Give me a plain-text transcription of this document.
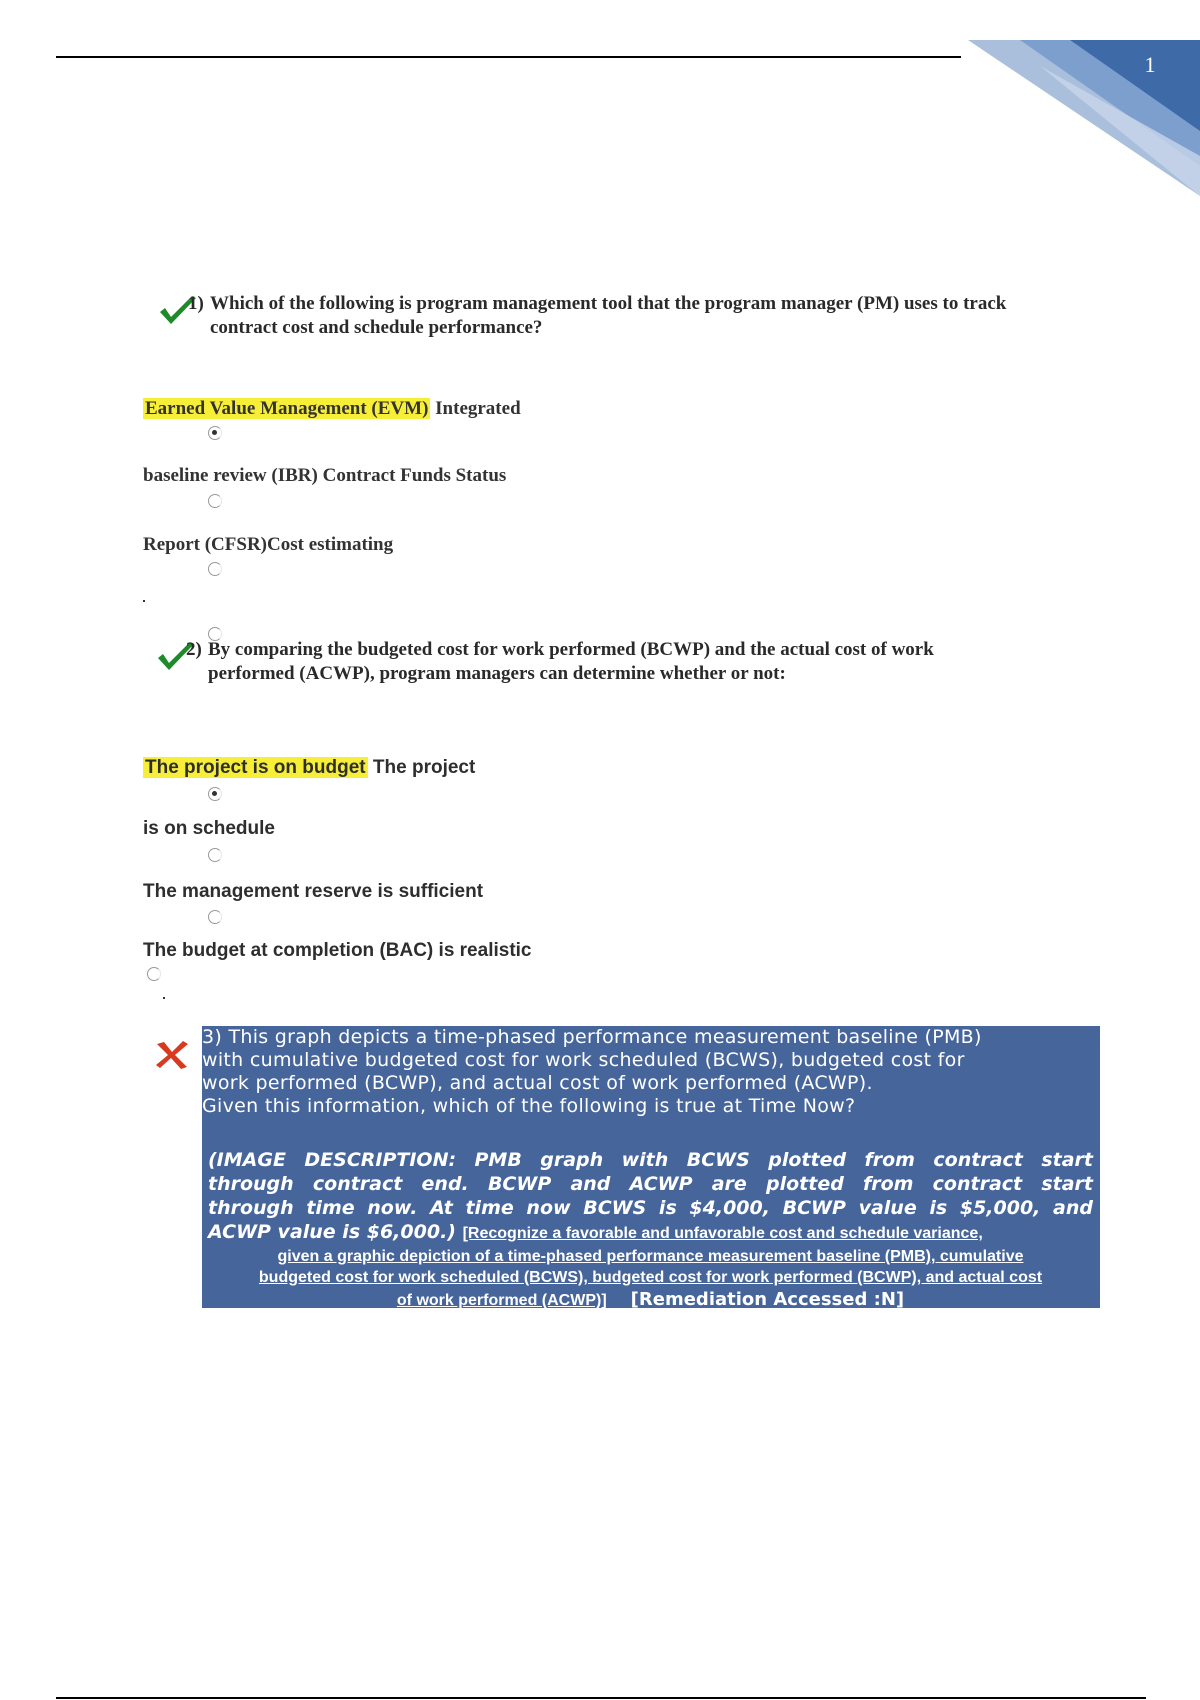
1
1) Which of the following is program management tool that the program manager (PM) uses to track
contract cost and schedule performance?
Earned Value Management (EVM) Integrated
baseline review (IBR) Contract Funds Status
Report (CFSR)Cost estimating
2) By comparing the budgeted cost for work performed (BCWP) and the actual cost of work
performed (ACWP), program managers can determine whether or not:
The project is on budget The project
is on schedule
The management reserve is sufficient
The budget at completion (BAC) is realistic
3) This graph depicts a time-phased performance measurement baseline (PMB)
with cumulative budgeted cost for work scheduled (BCWS), budgeted cost for
work performed (BCWP), and actual cost of work performed (ACWP).
Given this information, which of the following is true at Time Now?
(IMAGE DESCRIPTION: PMB graph with BCWS plotted from contract start
through contract end. BCWP and ACWP are plotted from contract start
through time now. At time now BCWS is $4,000, BCWP value is $5,000, and
ACWP value is $6,000.) [Recognize a favorable and unfavorable cost and schedule variance,
given a graphic depiction of a time-phased performance measurement baseline (PMB), cumulative
budgeted cost for work scheduled (BCWS), budgeted cost for work performed (BCWP), and actual cost
of work performed (ACWP)] [Remediation Accessed :N]
